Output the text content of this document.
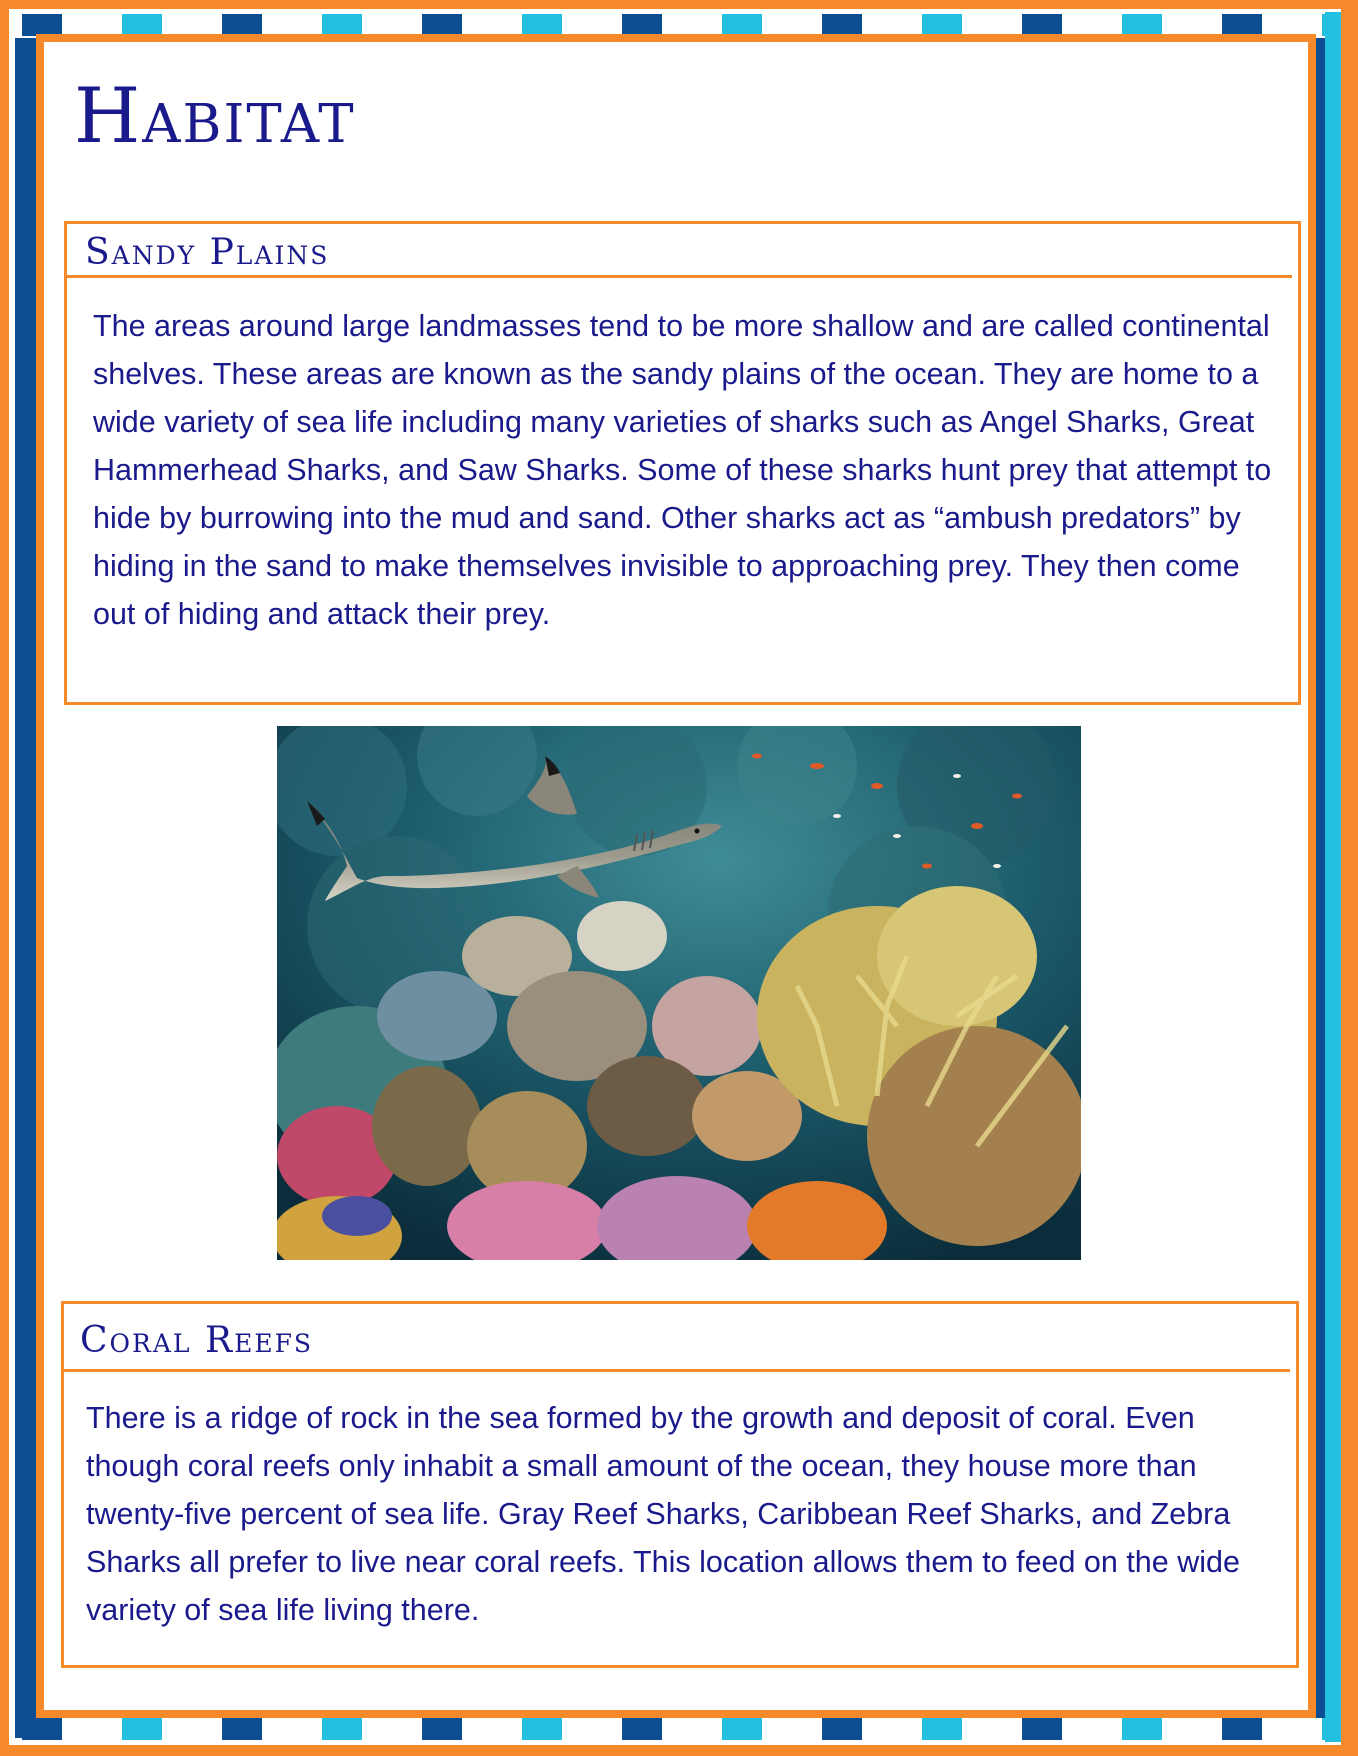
Habitat
Sandy Plains

The areas around large landmasses tend to be more shallow and are called continental shelves. These areas are known as the sandy plains of the ocean. They are home to a wide variety of sea life including many varieties of sharks such as Angel Sharks, Great Hammerhead Sharks, and Saw Sharks. Some of these sharks hunt prey that attempt to hide by burrowing into the mud and sand. Other sharks act as “ambush predators” by hiding in the sand to make themselves invisible to approaching prey. They then come out of hiding and attack their prey.

Coral Reefs

There is a ridge of rock in the sea formed by the growth and deposit of coral. Even though coral reefs only inhabit a small amount of the ocean, they house more than twenty-five percent of sea life. Gray Reef Sharks, Caribbean Reef Sharks, and Zebra Sharks all prefer to live near coral reefs. This location allows them to feed on the wide variety of sea life living there.
